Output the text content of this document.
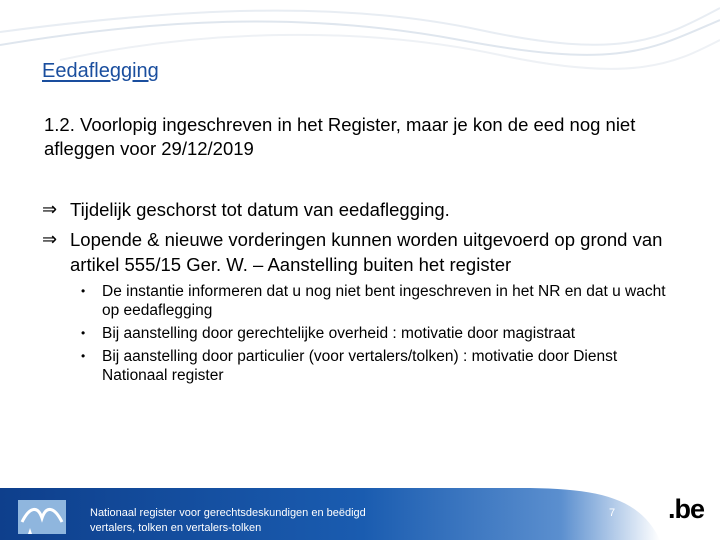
Eedaflegging
1.2. Voorlopig ingeschreven in het Register, maar je kon de eed nog niet afleggen voor 29/12/2019
⇒ Tijdelijk geschorst tot datum van eedaflegging.
⇒ Lopende & nieuwe vorderingen kunnen worden uitgevoerd op grond van artikel 555/15 Ger. W. – Aanstelling buiten het register
• De instantie informeren dat u nog niet bent ingeschreven in het NR en dat u wacht op eedaflegging
• Bij aanstelling door gerechtelijke overheid : motivatie door magistraat
• Bij aanstelling door particulier (voor vertalers/tolken) : motivatie door Dienst Nationaal register
Nationaal register voor gerechtsdeskundigen en beëdigd vertalers, tolken en vertalers-tolken
7 .be
